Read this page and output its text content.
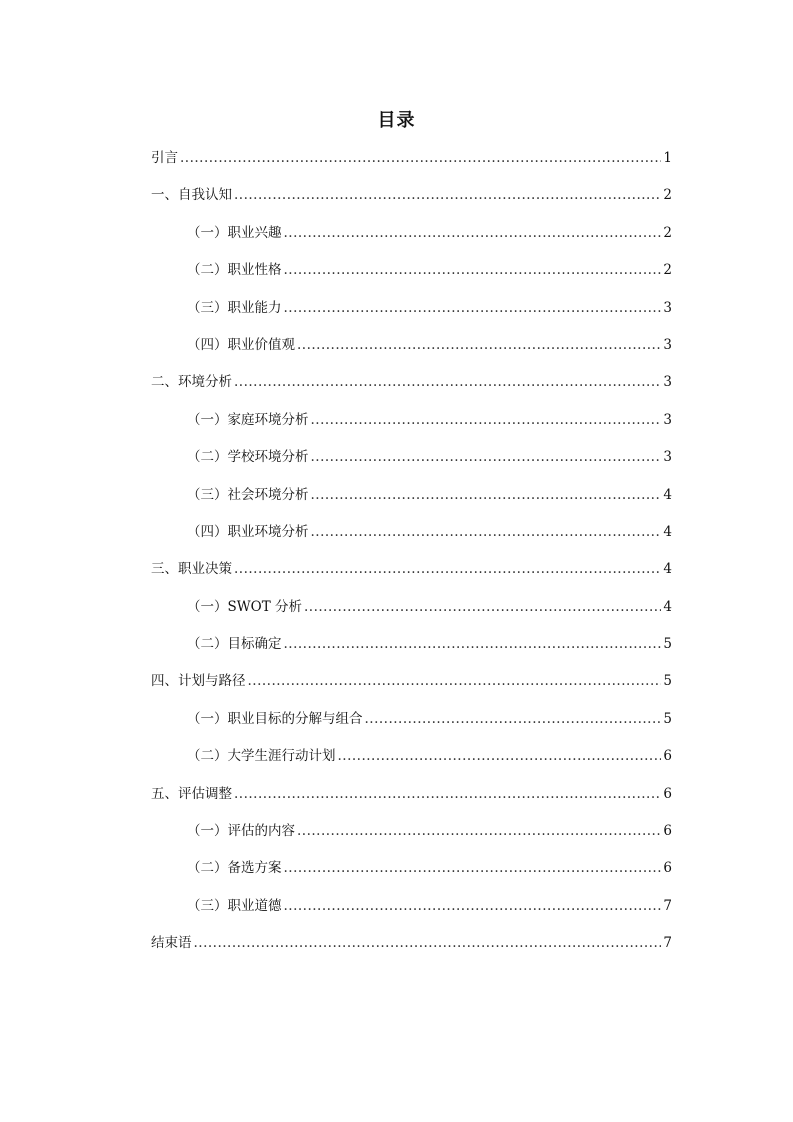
目录
引言 .....	1
一、自我认知 .....	2
（一）职业兴趣 .....	2
（二）职业性格 .....	2
（三）职业能力 .....	3
（四）职业价值观 .....	3
二、环境分析 .....	3
（一）家庭环境分析 .....	3
（二）学校环境分析 .....	3
（三）社会环境分析 .....	4
（四）职业环境分析 .....	4
三、职业决策 .....	4
（一）SWOT 分析 .....	4
（二）目标确定 .....	5
四、计划与路径 .....	5
（一）职业目标的分解与组合 .....	5
（二）大学生涯行动计划 .....	6
五、评估调整 .....	6
（一）评估的内容 .....	6
（二）备选方案 .....	6
（三）职业道德 .....	7
结束语 .....	7
